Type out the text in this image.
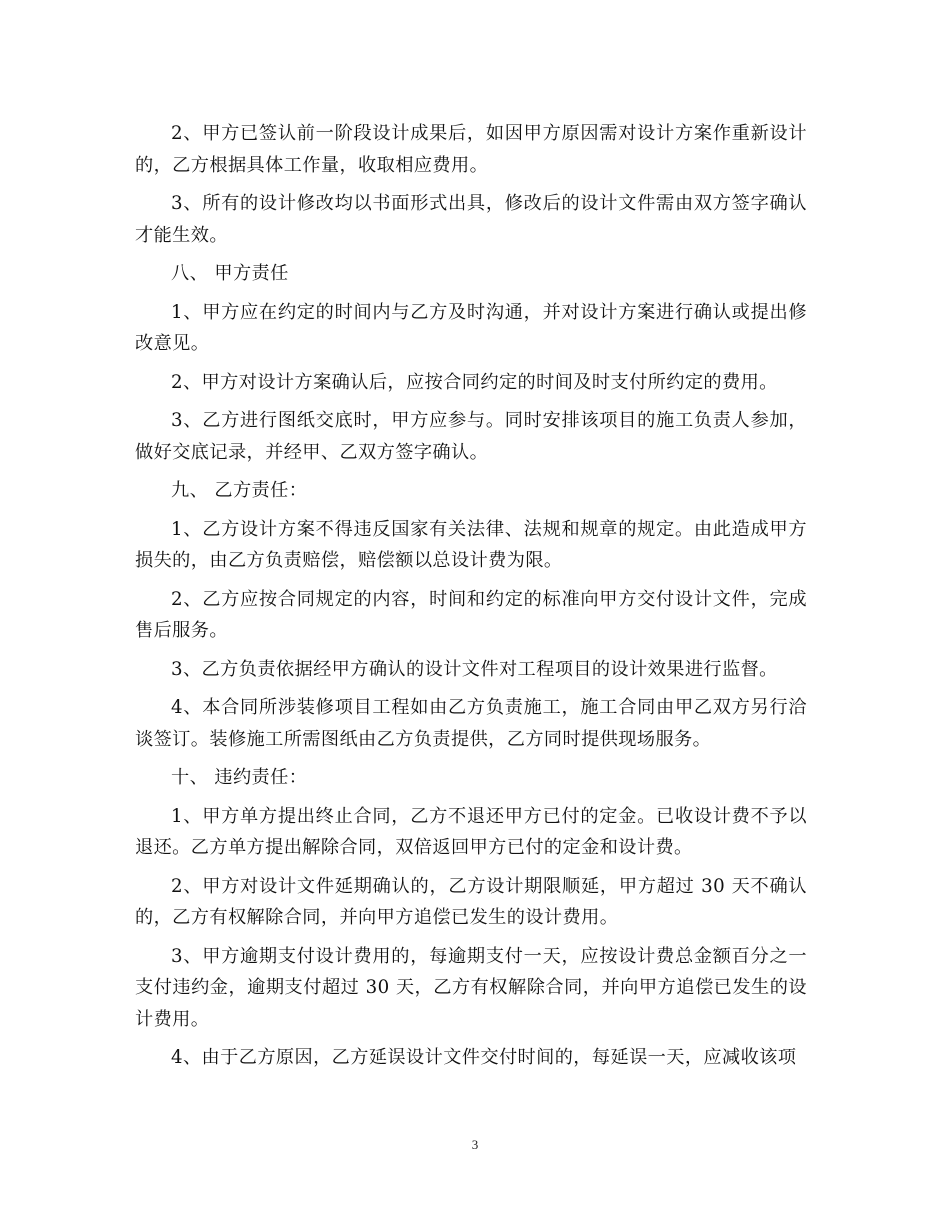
2、甲方已签认前一阶段设计成果后，如因甲方原因需对设计方案作重新设计的，乙方根据具体工作量，收取相应费用。

3、所有的设计修改均以书面形式出具，修改后的设计文件需由双方签字确认才能生效。

八、 甲方责任

1、甲方应在约定的时间内与乙方及时沟通，并对设计方案进行确认或提出修改意见。

2、甲方对设计方案确认后，应按合同约定的时间及时支付所约定的费用。

3、乙方进行图纸交底时，甲方应参与。同时安排该项目的施工负责人参加，做好交底记录，并经甲、乙双方签字确认。

九、 乙方责任：

1、乙方设计方案不得违反国家有关法律、法规和规章的规定。由此造成甲方损失的，由乙方负责赔偿，赔偿额以总设计费为限。

2、乙方应按合同规定的内容，时间和约定的标准向甲方交付设计文件，完成售后服务。

3、乙方负责依据经甲方确认的设计文件对工程项目的设计效果进行监督。

4、本合同所涉装修项目工程如由乙方负责施工，施工合同由甲乙双方另行洽谈签订。装修施工所需图纸由乙方负责提供，乙方同时提供现场服务。

十、 违约责任：

1、甲方单方提出终止合同，乙方不退还甲方已付的定金。已收设计费不予以退还。乙方单方提出解除合同，双倍返回甲方已付的定金和设计费。

2、甲方对设计文件延期确认的，乙方设计期限顺延，甲方超过 30 天不确认的，乙方有权解除合同，并向甲方追偿已发生的设计费用。

3、甲方逾期支付设计费用的，每逾期支付一天，应按设计费总金额百分之一支付违约金，逾期支付超过 30 天，乙方有权解除合同，并向甲方追偿已发生的设计费用。

4、由于乙方原因，乙方延误设计文件交付时间的，每延误一天，应减收该项

3
